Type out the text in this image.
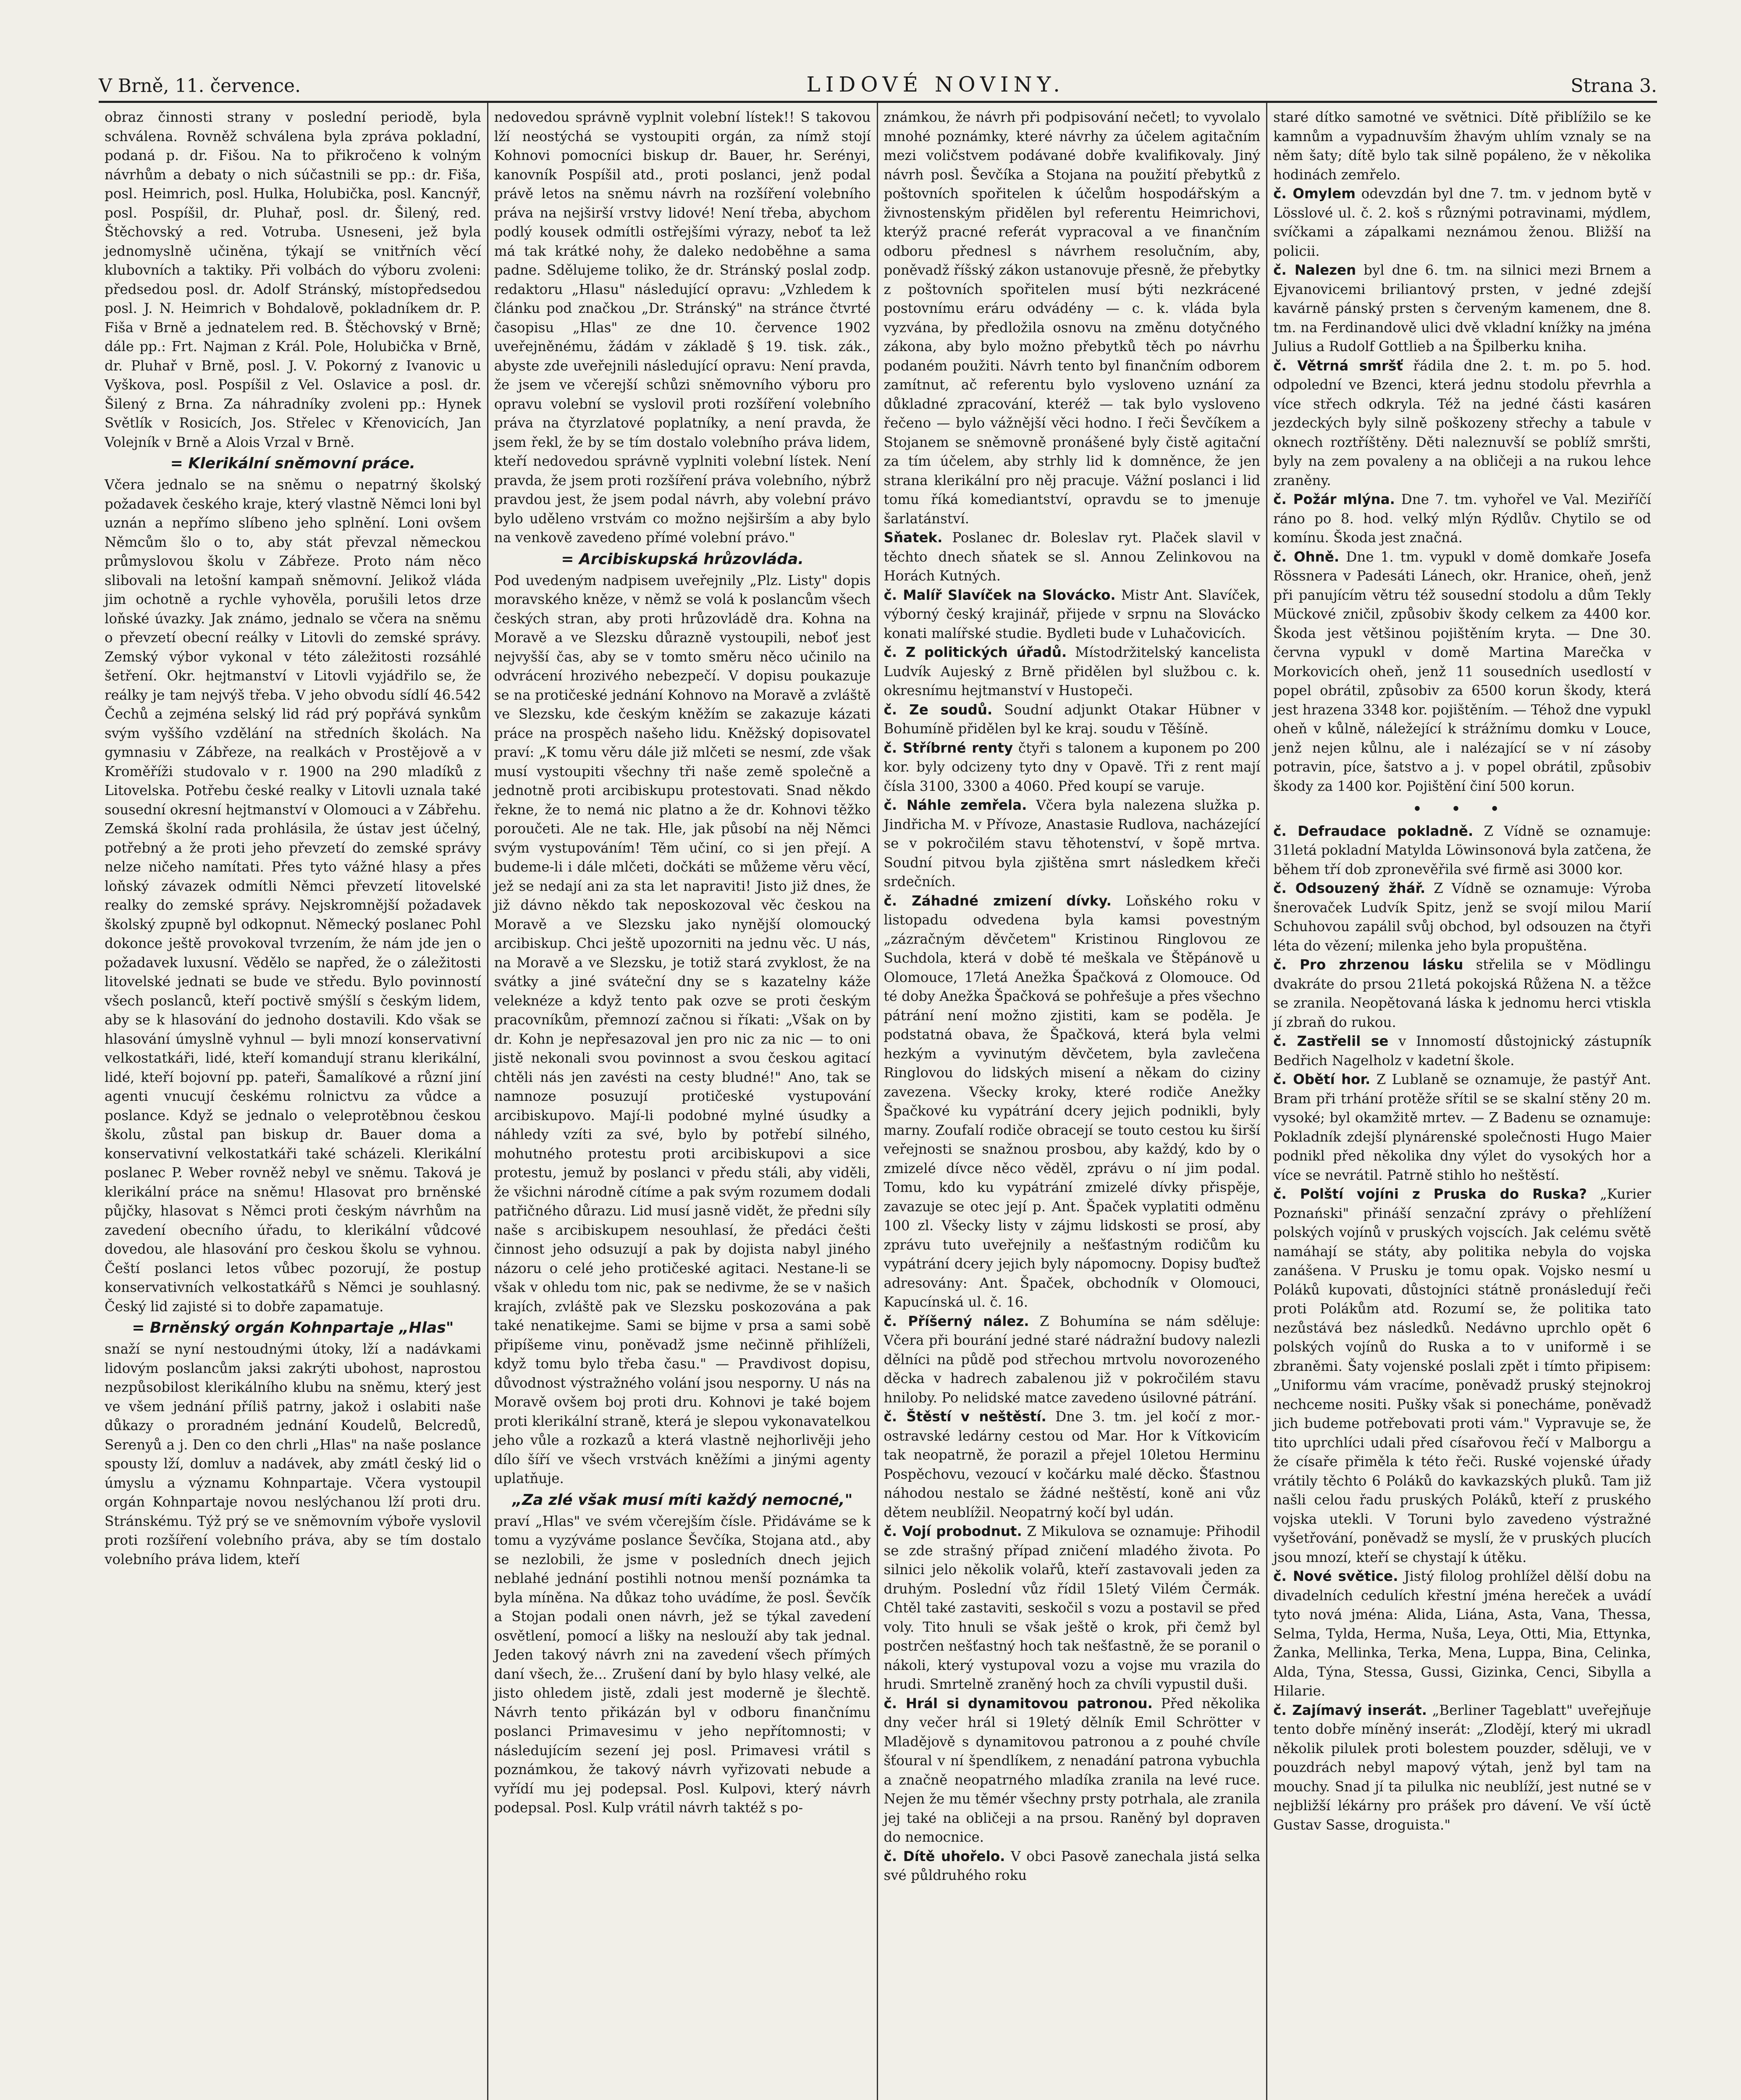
V Brně, 11. července.	LIDOVÉ NOVINY.	Strana 3.

obraz činnosti strany v poslední periodě, byla schválena. Rovněž schválena byla zpráva pokladní, podaná p. dr. Fišou. Na to přikročeno k volným návrhům a debaty o nich súčastnili se pp.: dr. Fiša, posl. Heimrich, posl. Hulka, Holubička, posl. Kancnýř, posl. Pospíšil, dr. Pluhař, posl. dr. Šilený, red. Štěchovský a red. Votruba. Usneseni, jež byla jednomyslně učiněna, týkají se vnitřních věcí klubovních a taktiky. Při volbách do výboru zvoleni: předsedou posl. dr. Adolf Stránský, místopředsedou posl. J. N. Heimrich v Bohdalově, pokladníkem dr. P. Fiša v Brně a jednatelem red. B. Štěchovský v Brně; dále pp.: Frt. Najman z Král. Pole, Holubička v Brně, dr. Pluhař v Brně, posl. J. V. Pokorný z Ivanovic u Vyškova, posl. Pospíšil z Vel. Oslavice a posl. dr. Šilený z Brna. Za náhradníky zvoleni pp.: Hynek Světlík v Rosicích, Jos. Střelec v Křenovicích, Jan Volejník v Brně a Alois Vrzal v Brně.

= Klerikální sněmovní práce.

Včera jednalo se na sněmu o nepatrný školský požadavek českého kraje, který vlastně Němci loni byl uznán a nepřímo slíbeno jeho splnění. Loni ovšem Němcům šlo o to, aby stát převzal německou průmyslovou školu v Zábřeze. Proto nám něco slibovali na letošní kampaň sněmovní. Jelikož vláda jim ochotně a rychle vyhověla, porušili letos drze loňské úvazky. Jak známo, jednalo se včera na sněmu o převzetí obecní reálky v Litovli do zemské správy. Zemský výbor vykonal v této záležitosti rozsáhlé šetření. Okr. hejtmanství v Litovli vyjádřilo se, že reálky je tam nejvýš třeba. V jeho obvodu sídlí 46.542 Čechů a zejména selský lid rád prý popřává synkům svým vyššího vzdělání na středních školách. Na gymnasiu v Zábřeze, na realkách v Prostějově a v Kroměříži studovalo v r. 1900 na 290 mladíků z Litovelska. Potřebu české realky v Litovli uznala také sousední okresní hejtmanství v Olomouci a v Zábřehu. Zemská školní rada prohlásila, že ústav jest účelný, potřebný a že proti jeho převzetí do zemské správy nelze ničeho namítati. Přes tyto vážné hlasy a přes loňský závazek odmítli Němci převzetí litovelské realky do zemské správy. Nejskromnější požadavek školský zpupně byl odkopnut. Německý poslanec Pohl dokonce ještě provokoval tvrzením, že nám jde jen o požadavek luxusní. Vědělo se napřed, že o záležitosti litovelské jednati se bude ve středu. Bylo povinností všech poslanců, kteří poctivě smýšlí s českým lidem, aby se k hlasování do jednoho dostavili. Kdo však se hlasování úmyslně vyhnul — byli mnozí konservativní velkostatkáři, lidé, kteří komandují stranu klerikální, lidé, kteří bojovní pp. pateři, Šamalíkové a různí jiní agenti vnucují českému rolnictvu za vůdce a poslance. Když se jednalo o veleprotěbnou českou školu, zůstal pan biskup dr. Bauer doma a konservativní velkostatkáři také scházeli. Klerikální poslanec P. Weber rovněž nebyl ve sněmu. Taková je klerikální práce na sněmu! Hlasovat pro brněnské půjčky, hlasovat s Němci proti českým návrhům na zavedení obecního úřadu, to klerikální vůdcové dovedou, ale hlasování pro českou školu se vyhnou. Čeští poslanci letos vůbec pozorují, že postup konservativních velkostatkářů s Němci je souhlasný. Český lid zajisté si to dobře zapamatuje.

= Brněnský orgán Kohnpartaje „Hlas"

snaží se nyní nestoudnými útoky, lží a nadávkami lidovým poslancům jaksi zakrýti ubohost, naprostou nezpůsobilost klerikálního klubu na sněmu, který jest ve všem jednání příliš patrny, jakož i oslabiti naše důkazy o proradném jednání Koudelů, Belcredů, Serenyů a j. Den co den chrli „Hlas" na naše poslance spousty lží, domluv a nadávek, aby zmátl český lid o úmyslu a významu Kohnpartaje. Včera vystoupil orgán Kohnpartaje novou neslýchanou lží proti dru. Stránskému. Týž prý se ve sněmovním výboře vyslovil proti rozšíření volebního práva, aby se tím dostalo volebního práva lidem, kteří

nedovedou správně vyplnit volební lístek!! S takovou lží neostýchá se vystoupiti orgán, za nímž stojí Kohnovi pomocníci biskup dr. Bauer, hr. Serényi, kanovník Pospíšil atd., proti poslanci, jenž podal právě letos na sněmu návrh na rozšíření volebního práva na nejširší vrstvy lidové! Není třeba, abychom podlý kousek odmítli ostřejšími výrazy, neboť ta lež má tak krátké nohy, že daleko nedoběhne a sama padne. Sdělujeme toliko, že dr. Stránský poslal zodp. redaktoru „Hlasu" následující opravu: „Vzhledem k článku pod značkou „Dr. Stránský" na stránce čtvrté časopisu „Hlas" ze dne 10. července 1902 uveřejněnému, žádám v základě § 19. tisk. zák., abyste zde uveřejnili následující opravu: Není pravda, že jsem ve včerejší schůzi sněmovního výboru pro opravu volební se vyslovil proti rozšíření volebního práva na čtyrzlatové poplatníky, a není pravda, že jsem řekl, že by se tím dostalo volebního práva lidem, kteří nedovedou správně vyplniti volební lístek. Není pravda, že jsem proti rozšíření práva volebního, nýbrž pravdou jest, že jsem podal návrh, aby volební právo bylo uděleno vrstvám co možno nejširším a aby bylo na venkově zavedeno přímé volební právo."

= Arcibiskupská hrůzovláda.

Pod uvedeným nadpisem uveřejnily „Plz. Listy" dopis moravského kněze, v němž se volá k poslancům všech českých stran, aby proti hrůzovládě dra. Kohna na Moravě a ve Slezsku důrazně vystoupili, neboť jest nejvyšší čas, aby se v tomto směru něco učinilo na odvrácení hrozivého nebezpečí. V dopisu poukazuje se na protičeské jednání Kohnovo na Moravě a zvláště ve Slezsku, kde českým kněžím se zakazuje kázati práce na prospěch našeho lidu. Kněžský dopisovatel praví: „K tomu věru dále již mlčeti se nesmí, zde však musí vystoupiti všechny tři naše země společně a jednotně proti arcibiskupu protestovati. Snad někdo řekne, že to nemá nic platno a že dr. Kohnovi těžko poroučeti. Ale ne tak. Hle, jak působí na něj Němci svým vystupováním! Těm učiní, co si jen přejí. A budeme-li i dále mlčeti, dočkáti se můžeme věru věcí, jež se nedají ani za sta let napraviti! Jisto již dnes, že již dávno někdo tak neposkozoval věc českou na Moravě a ve Slezsku jako nynější olomoucký arcibiskup. Chci ještě upozorniti na jednu věc. U nás, na Moravě a ve Slezsku, je totiž stará zvyklost, že na svátky a jiné sváteční dny se s kazatelny káže veleknéze a když tento pak ozve se proti českým pracovníkům, přemnozí začnou si říkati: „Však on by dr. Kohn je nepřesazoval jen pro nic za nic — to oni jistě nekonali svou povinnost a svou českou agitací chtěli nás jen zavésti na cesty bludné!" Ano, tak se namnoze posuzují protičeské vystupování arcibiskupovo. Mají-li podobné mylné úsudky a náhledy vzíti za své, bylo by potřebí silného, mohutného protestu proti arcibiskupovi a sice protestu, jemuž by poslanci v předu stáli, aby viděli, že všichni národně cítíme a pak svým rozumem dodali patřičného důrazu. Lid musí jasně vidět, že předni síly naše s arcibiskupem nesouhlasí, že předáci češti činnost jeho odsuzují a pak by dojista nabyl jiného názoru o celé jeho protičeské agitaci. Nestane-li se však v ohledu tom nic, pak se nedivme, že se v našich krajích, zvláště pak ve Slezsku poskozována a pak také nenatikejme. Sami se bijme v prsa a sami sobě připíšeme vinu, poněvadž jsme nečinně přihlíželi, když tomu bylo třeba času." — Pravdivost dopisu, důvodnost výstražného volání jsou nesporny. U nás na Moravě ovšem boj proti dru. Kohnovi je také bojem proti klerikální straně, která je slepou vykonavatelkou jeho vůle a rozkazů a která vlastně nejhorlivěji jeho dílo šíří ve všech vrstvách kněžími a jinými agenty uplatňuje.

„Za zlé však musí míti každý nemocné,"

praví „Hlas" ve svém včerejším čísle. Přidáváme se k tomu a vyzýváme poslance Ševčíka, Stojana atd., aby se nezlobili, že jsme v posledních dnech jejich neblahé jednání postihli notnou menší poznámka ta byla míněna. Na důkaz toho uvádíme, že posl. Ševčík a Stojan podali onen návrh, jež se týkal zavedení osvětlení, pomocí a lišky na neslouží aby tak jednal. Jeden takový návrh zni na zavedení všech přímých daní všech, že... Zrušení daní by bylo hlasy velké, ale jisto ohledem jistě, zdali jest moderně je šlechtě. Návrh tento přikázán byl v odboru finančnímu poslanci Primavesimu v jeho nepřítomnosti; v následujícím sezení jej posl. Primavesi vrátil s poznámkou, že takový návrh vyřizovati nebude a vyřídí mu jej podepsal. Posl. Kulpovi, který návrh podepsal. Posl. Kulp vrátil návrh taktéž s po-

známkou, že návrh při podpisování nečetl; to vyvolalo mnohé poznámky, které návrhy za účelem agitačním mezi voličstvem podávané dobře kvalifikovaly. Jiný návrh posl. Ševčíka a Stojana na použití přebytků z poštovních spořitelen k účelům hospodářským a živnostenským přidělen byl referentu Heimrichovi, kterýž pracné referát vypracoval a ve finančním odboru přednesl s návrhem resolučním, aby, poněvadž říšský zákon ustanovuje přesně, že přebytky z poštovních spořitelen musí býti nezkrácené postovnímu eráru odvádény — c. k. vláda byla vyzvána, by předložila osnovu na změnu dotyčného zákona, aby bylo možno přebytků těch po návrhu podaném použiti. Návrh tento byl finančním odborem zamítnut, ač referentu bylo vysloveno uznání za důkladné zpracování, kteréž — tak bylo vysloveno řečeno — bylo vážnější věci hodno. I řeči Ševčíkem a Stojanem se sněmovně pronášené byly čistě agitační za tím účelem, aby strhly lid k domněnce, že jen strana klerikální pro něj pracuje. Vážní poslanci i lid tomu říká komediantství, opravdu se to jmenuje šarlatánství.

Sňatek. Poslanec dr. Boleslav ryt. Plaček slavil v těchto dnech sňatek se sl. Annou Zelinkovou na Horách Kutných.

č. Malíř Slavíček na Slovácko. Mistr Ant. Slavíček, výborný český krajinář, přijede v srpnu na Slovácko konati malířské studie. Bydleti bude v Luhačovicích.

č. Z politických úřadů. Místodržitelský kancelista Ludvík Aujeský z Brně přidělen byl službou c. k. okresnímu hejtmanství v Hustopeči.

č. Ze soudů. Soudní adjunkt Otakar Hübner v Bohumíně přidělen byl ke kraj. soudu v Těšíně.

č. Stříbrné renty čtyři s talonem a kuponem po 200 kor. byly odcizeny tyto dny v Opavě. Tři z rent mají čísla 3100, 3300 a 4060. Před koupí se varuje.

č. Náhle zemřela. Včera byla nalezena služka p. Jindřicha M. v Přívoze, Anastasie Rudlova, nacházející se v pokročilém stavu těhotenství, v šopě mrtva. Soudní pitvou byla zjištěna smrt následkem křeči srdečních.

č. Záhadné zmizení dívky. Loňského roku v listopadu odvedena byla kamsi povestným „zázračným děvčetem" Kristinou Ringlovou ze Suchdola, která v době té meškala ve Štěpánově u Olomouce, 17letá Anežka Špačková z Olomouce. Od té doby Anežka Špačková se pohřešuje a přes všechno pátrání není možno zjistiti, kam se poděla. Je podstatná obava, že Špačková, která byla velmi hezkým a vyvinutým děvčetem, byla zavlečena Ringlovou do lidských misení a někam do ciziny zavezena. Všecky kroky, které rodiče Anežky Špačkové ku vypátrání dcery jejich podnikli, byly marny. Zoufalí rodiče obracejí se touto cestou ku širší veřejnosti se snažnou prosbou, aby každý, kdo by o zmizelé dívce něco věděl, zprávu o ní jim podal. Tomu, kdo ku vypátrání zmizelé dívky přispěje, zavazuje se otec její p. Ant. Špaček vyplatiti odměnu 100 zl. Všecky listy v zájmu lidskosti se prosí, aby zprávu tuto uveřejnily a nešťastným rodičům ku vypátrání dcery jejich byly nápomocny. Dopisy buďtež adresovány: Ant. Špaček, obchodník v Olomouci, Kapucínská ul. č. 16.

č. Příšerný nález. Z Bohumína se nám sděluje: Včera při bourání jedné staré nádražní budovy nalezli dělníci na půdě pod střechou mrtvolu novorozeného děcka v hadrech zabalenou již v pokročilém stavu hniloby. Po nelidské matce zavedeno úsilovné pátrání.

č. Štěstí v neštěstí. Dne 3. tm. jel kočí z mor.-ostravské ledárny cestou od Mar. Hor k Vítkovicím tak neopatrně, že porazil a přejel 10letou Herminu Pospěchovu, vezoucí v kočárku malé děcko. Šťastnou náhodou nestalo se žádné neštěstí, koně ani vůz dětem neublížil. Neopatrný kočí byl udán.

č. Vojí probodnut. Z Mikulova se oznamuje: Přihodil se zde strašný případ zničení mladého života. Po silnici jelo několik volařů, kteří zastavovali jeden za druhým. Poslední vůz řídil 15letý Vilém Čermák. Chtěl také zastaviti, seskočil s vozu a postavil se před voly. Tito hnuli se však ještě o krok, při čemž byl postrčen nešťastný hoch tak nešťastně, že se poranil o nákoli, který vystupoval vozu a vojse mu vrazila do hrudi. Smrtelně zraněný hoch za chvíli vypustil duši.

č. Hrál si dynamitovou patronou. Před několika dny večer hrál si 19letý dělník Emil Schrötter v Mladějově s dynamitovou patronou a z pouhé chvíle šťoural v ní špendlíkem, z nenadání patrona vybuchla a značně neopatrného mladíka zranila na levé ruce. Nejen že mu těmér všechny prsty potrhala, ale zranila jej také na obličeji a na prsou. Raněný byl dopraven do nemocnice.

č. Dítě uhořelo. V obci Pasově zanechala jistá selka své půldruhého roku

staré dítko samotné ve světnici. Dítě přiblížilo se ke kamnům a vypadnuvším žhavým uhlím vznaly se na něm šaty; dítě bylo tak silně popáleno, že v několika hodinách zemřelo.

č. Omylem odevzdán byl dne 7. tm. v jednom bytě v Lösslové ul. č. 2. koš s různými potravinami, mýdlem, svíčkami a zápalkami neznámou ženou. Bližší na policii.

č. Nalezen byl dne 6. tm. na silnici mezi Brnem a Ejvanovicemi briliantový prsten, v jedné zdejší kavárně pánský prsten s červeným kamenem, dne 8. tm. na Ferdinandově ulici dvě vkladní knížky na jména Julius a Rudolf Gottlieb a na Špilberku kniha.

č. Větrná smršť řádila dne 2. t. m. po 5. hod. odpolední ve Bzenci, která jednu stodolu převrhla a více střech odkryla. Též na jedné části kasáren jezdeckých byly silně poškozeny střechy a tabule v oknech roztříštěny. Děti naleznuvší se poblíž smršti, byly na zem povaleny a na obličeji a na rukou lehce zraněny.

č. Požár mlýna. Dne 7. tm. vyhořel ve Val. Meziříčí ráno po 8. hod. velký mlýn Rýdlův. Chytilo se od komínu. Škoda jest značná.

č. Ohně. Dne 1. tm. vypukl v domě domkaře Josefa Rössnera v Padesáti Lánech, okr. Hranice, oheň, jenž při panujícím větru též sousední stodolu a dům Tekly Mückové zničil, způsobiv škody celkem za 4400 kor. Škoda jest většinou pojištěním kryta. — Dne 30. června vypukl v domě Martina Marečka v Morkovicích oheň, jenž 11 sousedních usedlostí v popel obrátil, způsobiv za 6500 korun škody, která jest hrazena 3348 kor. pojištěním. — Téhož dne vypukl oheň v kůlně, náležející k strážnímu domku v Louce, jenž nejen kůlnu, ale i nalézající se v ní zásoby potravin, píce, šatstvo a j. v popel obrátil, způsobiv škody za 1400 kor. Pojištění činí 500 korun.

• • •

č. Defraudace pokladně. Z Vídně se oznamuje: 31letá pokladní Matylda Löwinsonová byla zatčena, že během tří dob zpronevěřila své firmě asi 3000 kor.

č. Odsouzený žhář. Z Vídně se oznamuje: Výroba šnerovaček Ludvík Spitz, jenž se svojí milou Marií Schuhovou zapálil svůj obchod, byl odsouzen na čtyři léta do vězení; milenka jeho byla propuštěna.

č. Pro zhrzenou lásku střelila se v Mödlingu dvakráte do prsou 21letá pokojská Růžena N. a těžce se zranila. Neopětovaná láska k jednomu herci vtiskla jí zbraň do rukou.

č. Zastřelil se v Innomostí důstojnický zástupník Bedřich Nagelholz v kadetní škole.

č. Obětí hor. Z Lublaně se oznamuje, že pastýř Ant. Bram při trhání protěže sřítil se se skalní stěny 20 m. vysoké; byl okamžitě mrtev. — Z Badenu se oznamuje: Pokladník zdejší plynárenské společnosti Hugo Maier podnikl před několika dny výlet do vysokých hor a více se nevrátil. Patrně stihlo ho neštěstí.

č. Polští vojíni z Pruska do Ruska? „Kurier Poznański" přináší senzační zprávy o přehlížení polských vojínů v pruských vojscích. Jak celému světě namáhají se státy, aby politika nebyla do vojska zanášena. V Prusku je tomu opak. Vojsko nesmí u Poláků kupovati, důstojníci státně pronásledují řeči proti Polákům atd. Rozumí se, že politika tato nezůstává bez následků. Nedávno uprchlo opět 6 polských vojínů do Ruska a to v uniformě i se zbraněmi. Šaty vojenské poslali zpět i tímto připisem: „Uniformu vám vracíme, poněvadž pruský stejnokroj nechceme nositi. Pušky však si ponecháme, poněvadž jich budeme potřebovati proti vám." Vypravuje se, že tito uprchlíci udali před císařovou řečí v Malborgu a že císaře přiměla k této řeči. Ruské vojenské úřady vrátily těchto 6 Poláků do kavkazských pluků. Tam již našli celou řadu pruských Poláků, kteří z pruského vojska utekli. V Toruni bylo zavedeno výstražné vyšetřování, poněvadž se myslí, že v pruských plucích jsou mnozí, kteří se chystají k útěku.

č. Nové světice. Jistý filolog prohlížel dělší dobu na divadelních cedulích křestní jména hereček a uvádí tyto nová jména: Alida, Liána, Asta, Vana, Thessa, Selma, Tylda, Herma, Nuša, Leya, Otti, Mia, Ettynka, Žanka, Mellinka, Terka, Mena, Luppa, Bina, Celinka, Alda, Týna, Stessa, Gussi, Gizinka, Cenci, Sibylla a Hilarie.

č. Zajímavý inserát. „Berliner Tageblatt" uveřejňuje tento dobře míněný inserát: „Zlodějí, který mi ukradl několik pilulek proti bolestem pouzder, sděluji, ve v pouzdrách nebyl mapový výtah, jenž byl tam na mouchy. Snad jí ta pilulka nic neublíží, jest nutné se v nejbližší lékárny pro prášek pro dávení. Ve vší úctě Gustav Sasse, droguista."
